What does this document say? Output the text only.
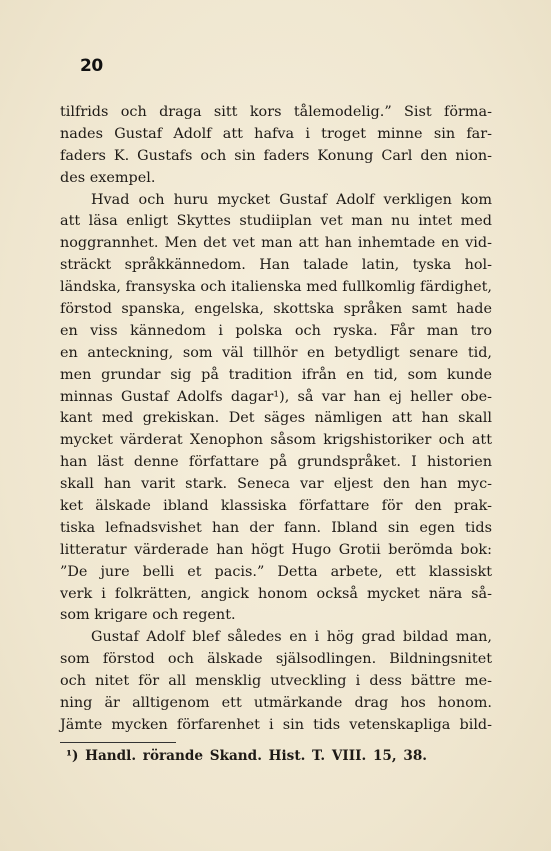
20
tilfrids och draga sitt kors tålemodelig.” Sist förma-
nades Gustaf Adolf att hafva i troget minne sin far-
faders K. Gustafs och sin faders Konung Carl den nion-
des exempel.
Hvad och huru mycket Gustaf Adolf verkligen kom
att läsa enligt Skyttes studiiplan vet man nu intet med
noggrannhet. Men det vet man att han inhemtade en vid-
sträckt språkkännedom. Han talade latin, tyska hol-
ländska, fransyska och italienska med fullkomlig färdighet,
förstod spanska, engelska, skottska språken samt hade
en viss kännedom i polska och ryska. Får man tro
en anteckning, som väl tillhör en betydligt senare tid,
men grundar sig på tradition ifrån en tid, som kunde
minnas Gustaf Adolfs dagar¹), så var han ej heller obe-
kant med grekiskan. Det säges nämligen att han skall
mycket värderat Xenophon såsom krigshistoriker och att
han läst denne författare på grundspråket. I historien
skall han varit stark. Seneca var eljest den han myc-
ket älskade ibland klassiska författare för den prak-
tiska lefnadsvishet han der fann. Ibland sin egen tids
litteratur värderade han högt Hugo Grotii berömda bok:
”De jure belli et pacis.” Detta arbete, ett klassiskt
verk i folkrätten, angick honom också mycket nära så-
som krigare och regent.
Gustaf Adolf blef således en i hög grad bildad man,
som förstod och älskade själsodlingen. Bildningsnitet
och nitet för all mensklig utveckling i dess bättre me-
ning är alltigenom ett utmärkande drag hos honom.
Jämte mycken förfarenhet i sin tids vetenskapliga bild-
¹) Handl. rörande Skand. Hist. T. VIII. 15, 38.
